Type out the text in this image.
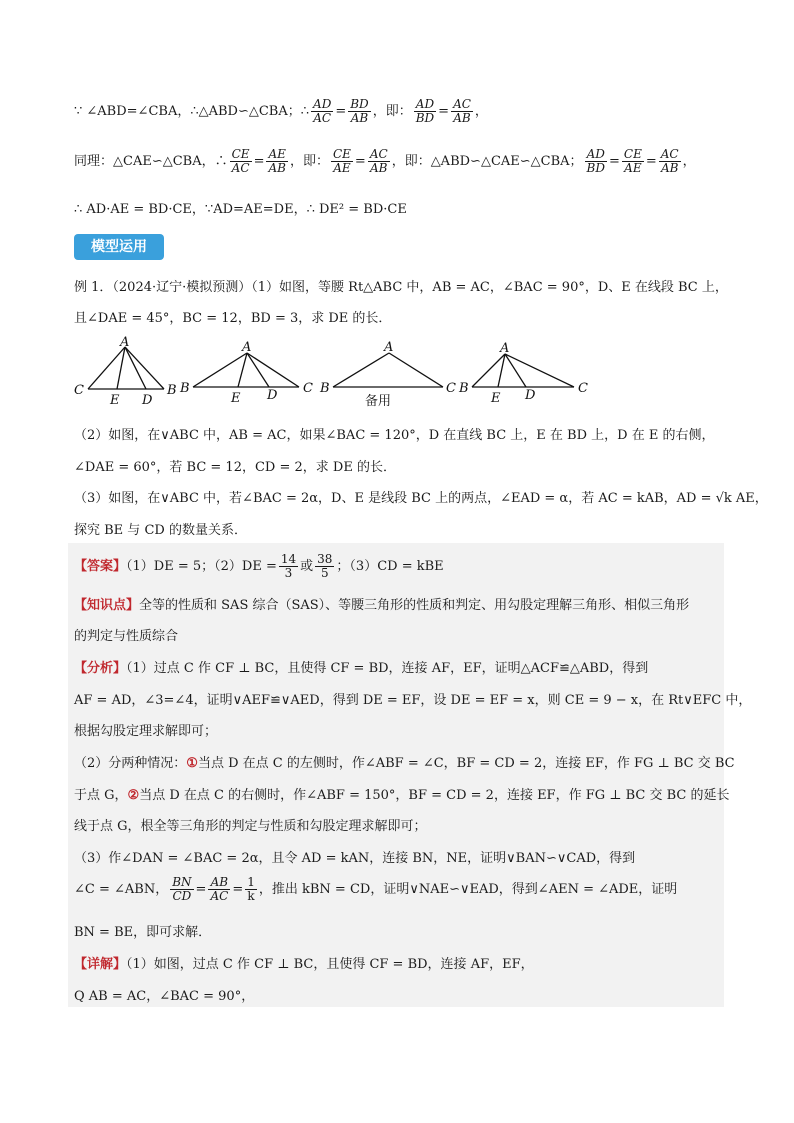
∵ ∠ABD=∠CBA，∴△ABD∽△CBA；∴ $\frac{AD}{AC} = \frac{BD}{AB}$ ，即： $\frac{AD}{BD} = \frac{AC}{AB}$ ，
同理：△CAE∽△CBA，∴ $\frac{CE}{AC} = \frac{AE}{AB}$ ，即： $\frac{CE}{AE} = \frac{AC}{AB}$ ，即：△ABD∽△CAE∽△CBA； $\frac{AD}{BD} = \frac{CE}{AE} = \frac{AC}{AB}$ ，
∴ AD·AE = BD·CE，∵AD=AE=DE，∴ DE² = BD·CE
模型运用
例 1．（2024·辽宁·模拟预测）（1）如图，等腰 Rt△ABC 中，AB = AC，∠BAC = 90°，D、E 在线段 BC 上，
且∠DAE = 45°，BC = 12，BD = 3，求 DE 的长．
A
C	B
E D
A
B
E D C
A
B	C
备用
A
B
E D	C
（2）如图，在∨ABC 中，AB = AC，如果∠BAC = 120°，D 在直线 BC 上，E 在 BD 上，D 在 E 的右侧，
∠DAE = 60°，若 BC = 12，CD = 2，求 DE 的长．
（3）如图，在∨ABC 中，若∠BAC = 2α，D、E 是线段 BC 上的两点，∠EAD = α，若 AC = kAB，AD = √k AE，
探究 BE 与 CD 的数量关系．
【答案】（1）DE = 5；$(2)DE = \frac{14}{3}$ 或 $\frac{38}{5}$ ；（3）CD = kBE
【知识点】全等的性质和 SAS 综合（SAS）、等腰三角形的性质和判定、用勾股定理解三角形、相似三角形
的判定与性质综合
【分析】（1）过点 C 作 CF ⊥ BC，且使得 CF = BD，连接 AF，EF，证明△ACF≌△ABD，得到
AF = AD，∠3=∠4，证明∨AEF≌∨AED，得到 DE = EF，设 DE = EF = x，则 CE = 9 − x，在 Rt∨EFC 中，
根据勾股定理求解即可；
（2）分两种情况：①当点 D 在点 C 的左侧时，作∠ABF = ∠C，BF = CD = 2，连接 EF，作 FG ⊥ BC 交 BC
于点 G，②当点 D 在点 C 的右侧时，作∠ABF = 150°，BF = CD = 2，连接 EF，作 FG ⊥ BC 交 BC 的延长
线于点 G，根全等三角形的判定与性质和勾股定理求解即可；
（3）作∠DAN = ∠BAC = 2α，且令 AD = kAN，连接 BN，NE，证明∨BAN∽∨CAD，得到
∠C = ∠ABN， $\frac{BN}{CD} = \frac{AB}{AC} = \frac{1}{k}$ ，推出 kBN = CD，证明∨NAE∽∨EAD，得到∠AEN = ∠ADE，证明
BN = BE，即可求解．
【详解】（1）如图，过点 C 作 CF ⊥ BC，且使得 CF = BD，连接 AF，EF，
Q AB = AC，∠BAC = 90°，
